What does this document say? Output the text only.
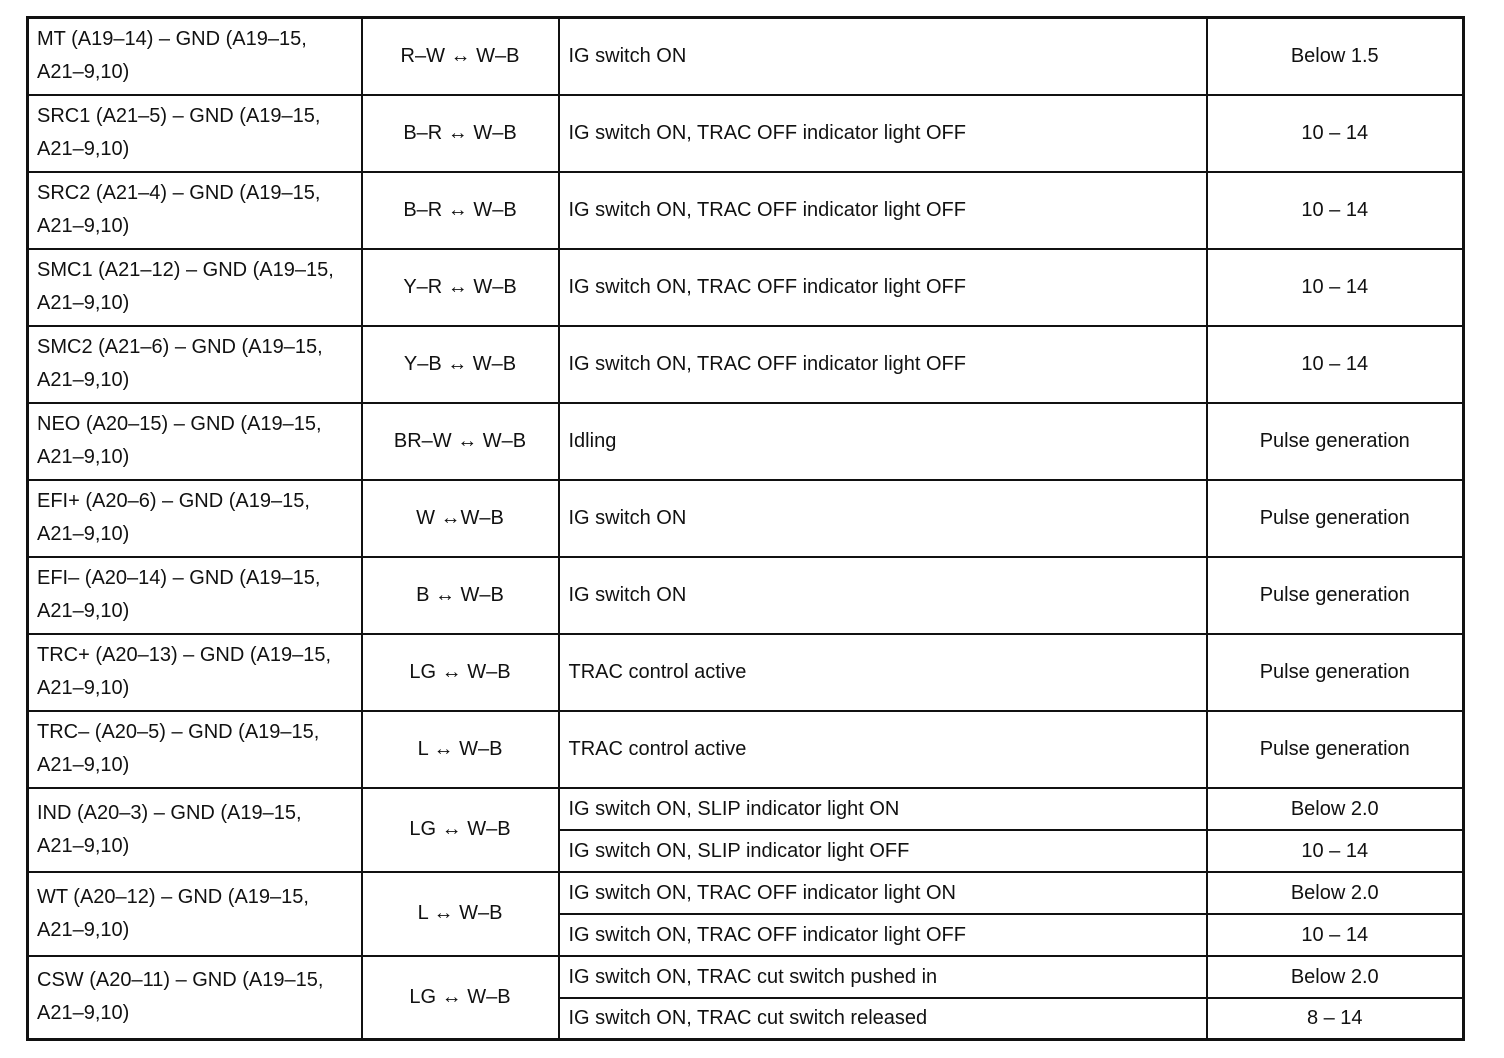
MT (A19–14) – GND (A19–15, A21–9,10)	R–W ↔ W–B	IG switch ON	Below 1.5
SRC1 (A21–5) – GND (A19–15, A21–9,10)	B–R ↔ W–B	IG switch ON, TRAC OFF indicator light OFF	10 – 14
SRC2 (A21–4) – GND (A19–15, A21–9,10)	B–R ↔ W–B	IG switch ON, TRAC OFF indicator light OFF	10 – 14
SMC1 (A21–12) – GND (A19–15, A21–9,10)	Y–R ↔ W–B	IG switch ON, TRAC OFF indicator light OFF	10 – 14
SMC2 (A21–6) – GND (A19–15, A21–9,10)	Y–B ↔ W–B	IG switch ON, TRAC OFF indicator light OFF	10 – 14
NEO (A20–15) – GND (A19–15, A21–9,10)	BR–W ↔ W–B	Idling	Pulse generation
EFI+ (A20–6) – GND (A19–15, A21–9,10)	W ↔W–B	IG switch ON	Pulse generation
EFI– (A20–14) – GND (A19–15, A21–9,10)	B ↔ W–B	IG switch ON	Pulse generation
TRC+ (A20–13) – GND (A19–15, A21–9,10)	LG ↔ W–B	TRAC control active	Pulse generation
TRC– (A20–5) – GND (A19–15, A21–9,10)	L ↔ W–B	TRAC control active	Pulse generation
IND (A20–3) – GND (A19–15, A21–9,10)	LG ↔ W–B	IG switch ON, SLIP indicator light ON	Below 2.0
		IG switch ON, SLIP indicator light OFF	10 – 14
WT (A20–12) – GND (A19–15, A21–9,10)	L ↔ W–B	IG switch ON, TRAC OFF indicator light ON	Below 2.0
		IG switch ON, TRAC OFF indicator light OFF	10 – 14
CSW (A20–11) – GND (A19–15, A21–9,10)	LG ↔ W–B	IG switch ON, TRAC cut switch pushed in	Below 2.0
		IG switch ON, TRAC cut switch released	8 – 14
